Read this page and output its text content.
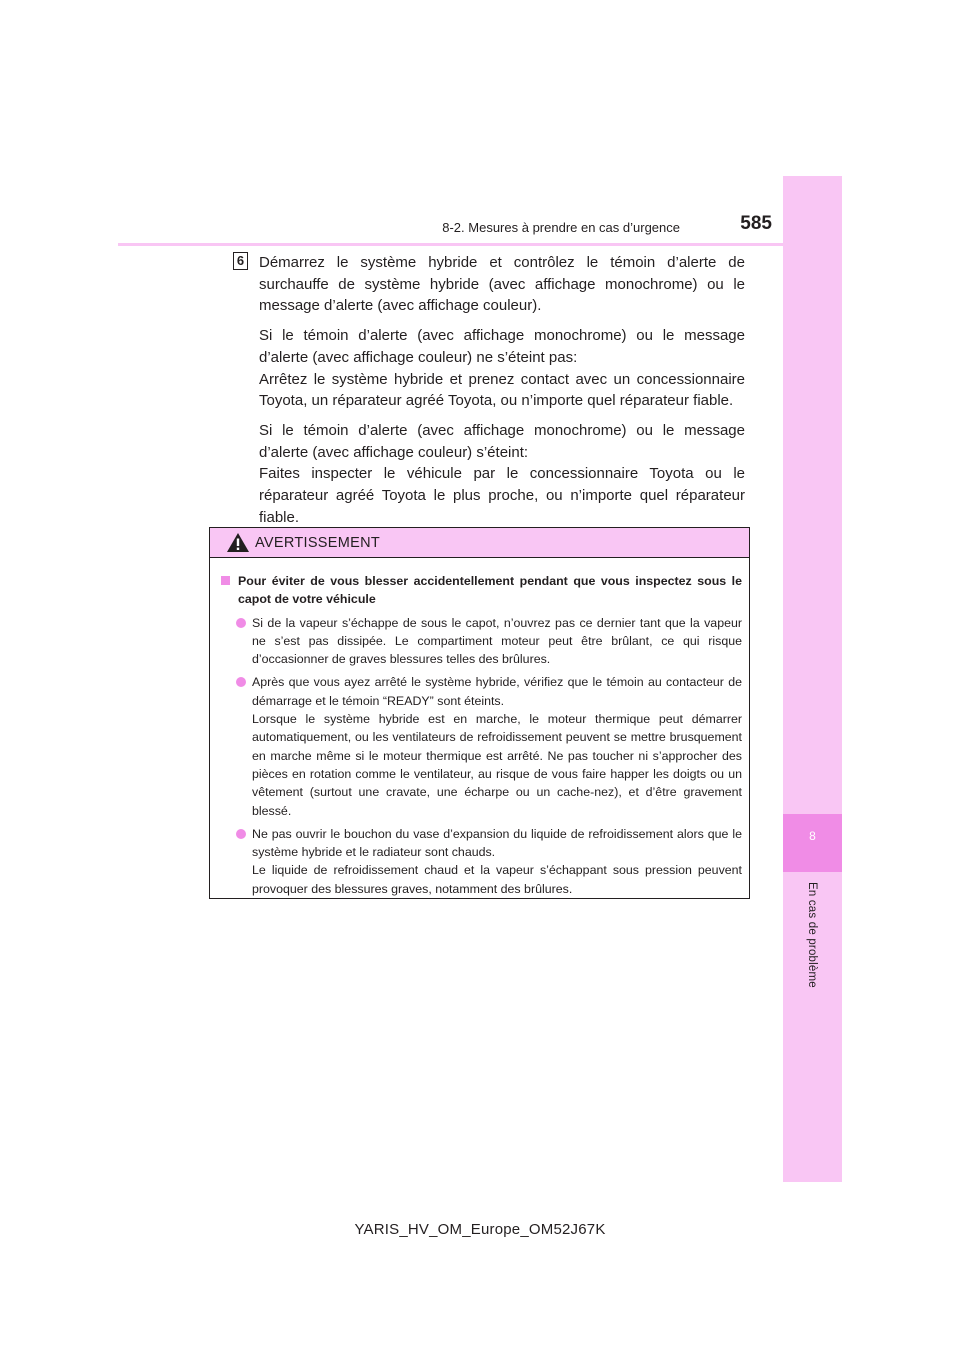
8
En cas de problème
8-2. Mesures à prendre en cas d’urgence	585
6 Démarrez le système hybride et contrôlez le témoin d’alerte de surchauffe de système hybride (avec affichage monochrome) ou le message d’alerte (avec affichage couleur).

Si le témoin d’alerte (avec affichage monochrome) ou le message d’alerte (avec affichage couleur) ne s’éteint pas:
Arrêtez le système hybride et prenez contact avec un concessionnaire Toyota, un réparateur agréé Toyota, ou n’importe quel réparateur fiable.

Si le témoin d’alerte (avec affichage monochrome) ou le message d’alerte (avec affichage couleur) s’éteint:
Faites inspecter le véhicule par le concessionnaire Toyota ou le réparateur agréé Toyota le plus proche, ou n’importe quel réparateur fiable.

AVERTISSEMENT
Pour éviter de vous blesser accidentellement pendant que vous inspectez sous le capot de votre véhicule
Si de la vapeur s’échappe de sous le capot, n’ouvrez pas ce dernier tant que la vapeur ne s’est pas dissipée. Le compartiment moteur peut être brûlant, ce qui risque d’occasionner de graves blessures telles des brûlures.
Après que vous ayez arrêté le système hybride, vérifiez que le témoin au contacteur de démarrage et le témoin “READY” sont éteints.
Lorsque le système hybride est en marche, le moteur thermique peut démarrer automatiquement, ou les ventilateurs de refroidissement peuvent se mettre brusquement en marche même si le moteur thermique est arrêté. Ne pas toucher ni s’approcher des pièces en rotation comme le ventilateur, au risque de vous faire happer les doigts ou un vêtement (surtout une cravate, une écharpe ou un cache-nez), et d’être gravement blessé.
Ne pas ouvrir le bouchon du vase d’expansion du liquide de refroidissement alors que le système hybride et le radiateur sont chauds.
Le liquide de refroidissement chaud et la vapeur s’échappant sous pression peuvent provoquer des blessures graves, notamment des brûlures.
YARIS_HV_OM_Europe_OM52J67K
